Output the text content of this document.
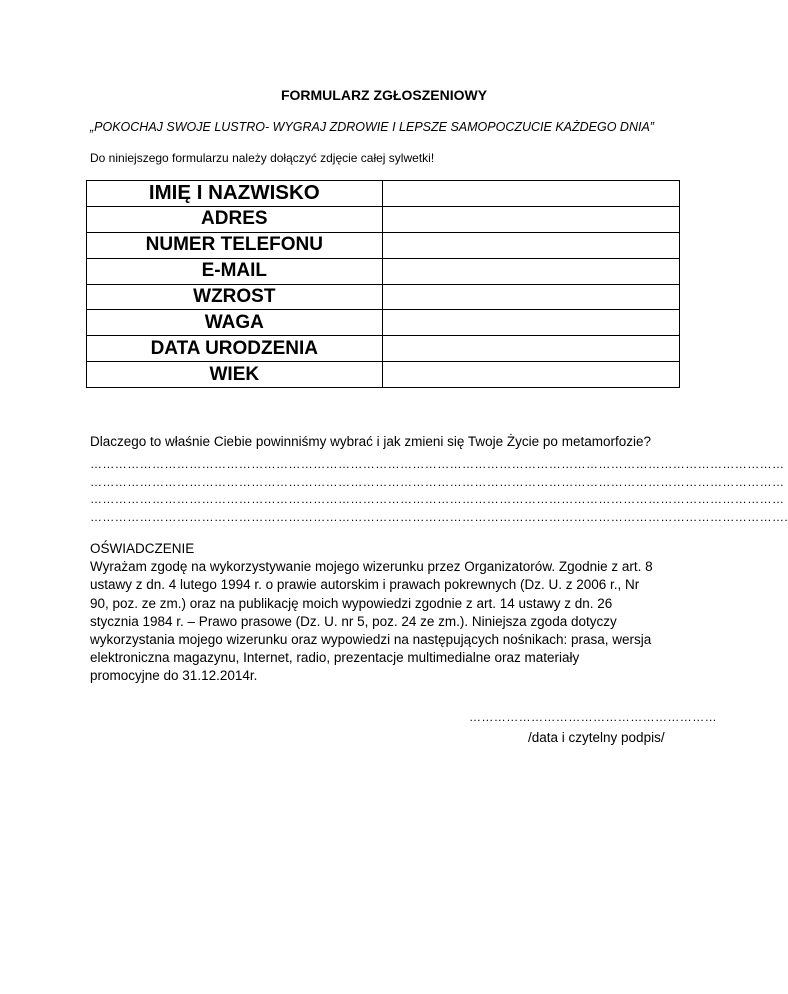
FORMULARZ ZGŁOSZENIOWY
„POKOCHAJ SWOJE LUSTRO- WYGRAJ ZDROWIE I LEPSZE SAMOPOCZUCIE KAŻDEGO DNIA”
Do niniejszego formularzu należy dołączyć zdjęcie całej sylwetki!
IMIĘ I NAZWISKO	
ADRES	
NUMER TELEFONU	
E-MAIL	
WZROST	
WAGA	
DATA URODZENIA	
WIEK	
Dlaczego to właśnie Ciebie powinniśmy wybrać i jak zmieni się Twoje Życie po metamorfozie?
……………………………………………………………………………………………………………………………………………………
……………………………………………………………………………………………………………………………………………………
……………………………………………………………………………………………………………………………………………………
…………………………………………………………………………………………………………………………………………………….
OŚWIADCZENIE
Wyrażam zgodę na wykorzystywanie mojego wizerunku przez Organizatorów. Zgodnie z art. 8
ustawy z dn. 4 lutego 1994 r. o prawie autorskim i prawach pokrewnych (Dz. U. z 2006 r., Nr
90, poz. ze zm.) oraz na publikację moich wypowiedzi zgodnie z art. 14 ustawy z dn. 26
stycznia 1984 r. – Prawo prasowe (Dz. U. nr 5, poz. 24 ze zm.). Niniejsza zgoda dotyczy
wykorzystania mojego wizerunku oraz wypowiedzi na następujących nośnikach: prasa, wersja
elektroniczna magazynu, Internet, radio, prezentacje multimedialne oraz materiały
promocyjne do 31.12.2014r.
……………………………………………………
/data i czytelny podpis/
